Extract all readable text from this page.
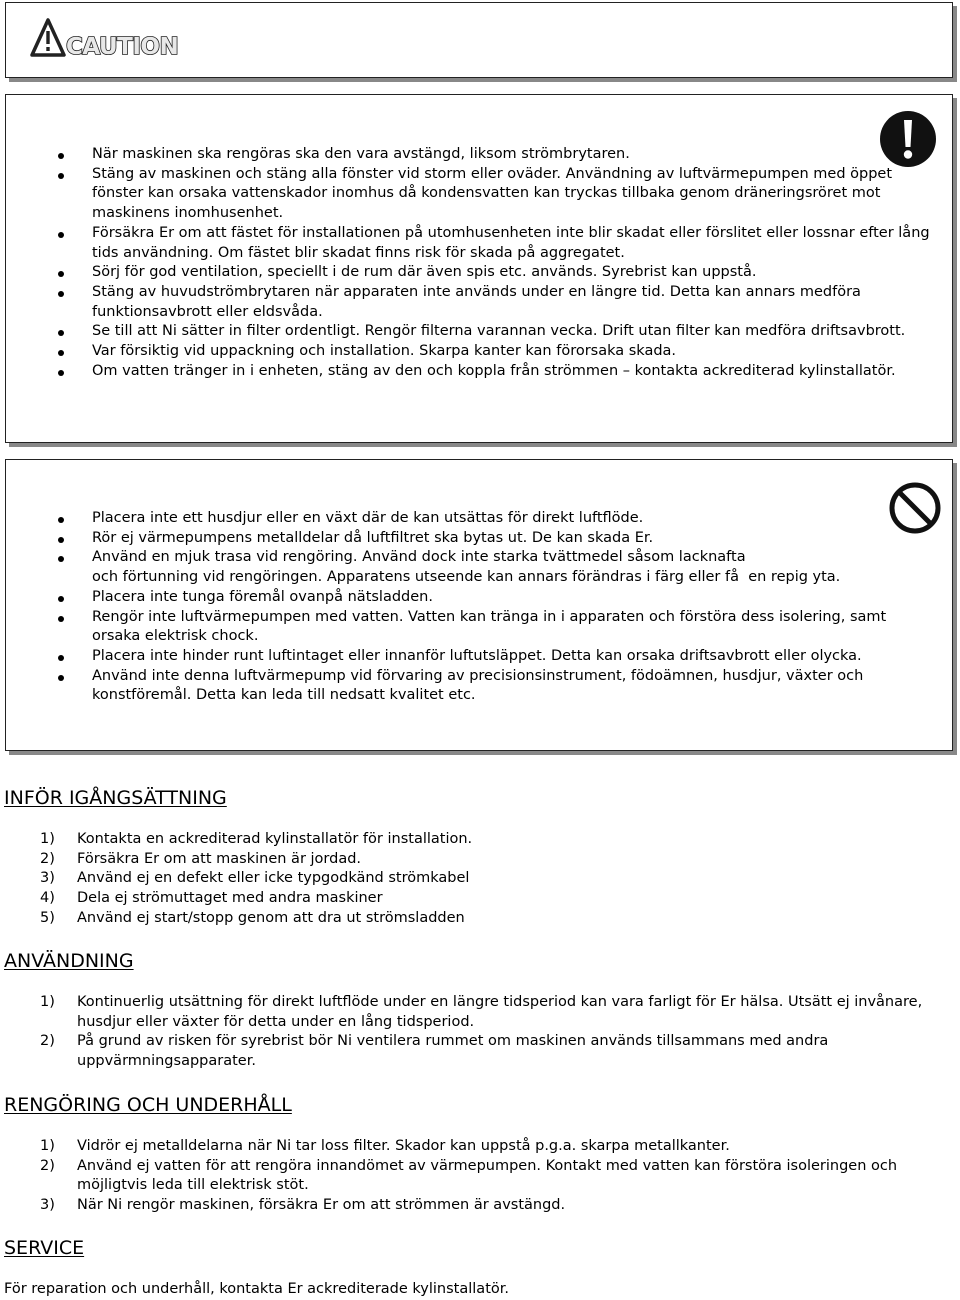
CAUTION
När maskinen ska rengöras ska den vara avstängd, liksom strömbrytaren.
Stäng av maskinen och stäng alla fönster vid storm eller oväder. Användning av luftvärmepumpen med öppet fönster kan orsaka vattenskador inomhus då kondensvatten kan tryckas tillbaka genom dräneringsröret mot maskinens inomhusenhet.
Försäkra Er om att fästet för installationen på utomhusenheten inte blir skadat eller förslitet eller lossnar efter lång tids användning. Om fästet blir skadat finns risk för skada på aggregatet.
Sörj för god ventilation, speciellt i de rum där även spis etc. används. Syrebrist kan uppstå.
Stäng av huvudströmbrytaren när apparaten inte används under en längre tid. Detta kan annars medföra funktionsavbrott eller eldsvåda.
Se till att Ni sätter in filter ordentligt. Rengör filterna varannan vecka. Drift utan filter kan medföra driftsavbrott.
Var försiktig vid uppackning och installation. Skarpa kanter kan förorsaka skada.
Om vatten tränger in i enheten, stäng av den och koppla från strömmen – kontakta ackrediterad kylinstallatör.
Placera inte ett husdjur eller en växt där de kan utsättas för direkt luftflöde.
Rör ej värmepumpens metalldelar då luftfiltret ska bytas ut. De kan skada Er.
Använd en mjuk trasa vid rengöring. Använd dock inte starka tvättmedel såsom lacknafta
och förtunning vid rengöringen. Apparatens utseende kan annars förändras i färg eller få  en repig yta.
Placera inte tunga föremål ovanpå nätsladden.
Rengör inte luftvärmepumpen med vatten. Vatten kan tränga in i apparaten och förstöra dess isolering, samt orsaka elektrisk chock.
Placera inte hinder runt luftintaget eller innanför luftutsläppet. Detta kan orsaka driftsavbrott eller olycka.
Använd inte denna luftvärmepump vid förvaring av precisionsinstrument, födoämnen, husdjur, växter och konstföremål. Detta kan leda till nedsatt kvalitet etc.
INFÖR IGÅNGSÄTTNING
1) Kontakta en ackrediterad kylinstallatör för installation.
2) Försäkra Er om att maskinen är jordad.
3) Använd ej en defekt eller icke typgodkänd strömkabel
4) Dela ej strömuttaget med andra maskiner
5) Använd ej start/stopp genom att dra ut strömsladden
ANVÄNDNING
1) Kontinuerlig utsättning för direkt luftflöde under en längre tidsperiod kan vara farligt för Er hälsa. Utsätt ej invånare, husdjur eller växter för detta under en lång tidsperiod.
2) På grund av risken för syrebrist bör Ni ventilera rummet om maskinen används tillsammans med andra uppvärmningsapparater.
RENGÖRING OCH UNDERHÅLL
1) Vidrör ej metalldelarna när Ni tar loss filter. Skador kan uppstå p.g.a. skarpa metallkanter.
2) Använd ej vatten för att rengöra innandömet av värmepumpen. Kontakt med vatten kan förstöra isoleringen och möjligtvis leda till elektrisk stöt.
3) När Ni rengör maskinen, försäkra Er om att strömmen är avstängd.
SERVICE

För reparation och underhåll, kontakta Er ackrediterade kylinstallatör.
